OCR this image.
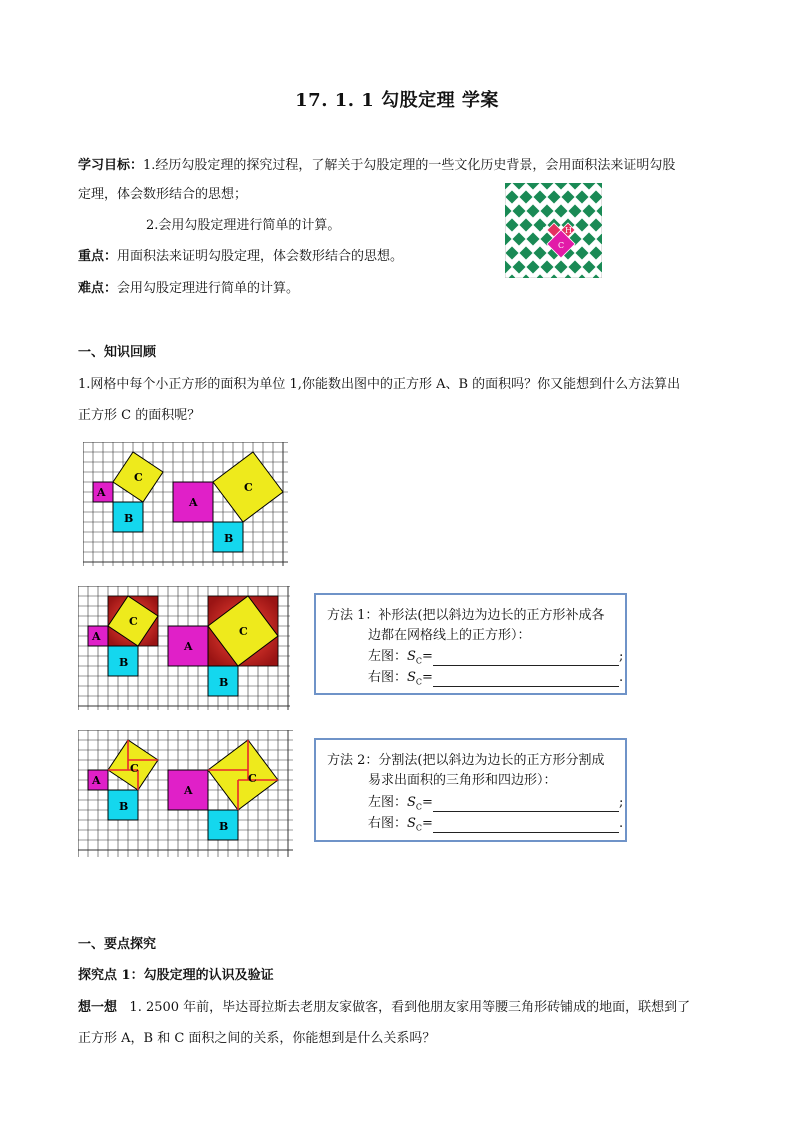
17. 1. 1 勾股定理 学案
学习目标：1.经历勾股定理的探究过程，了解关于勾股定理的一些文化历史背景，会用面积法来证明勾股
定理，体会数形结合的思想；
2.会用勾股定理进行简单的计算。
重点：用面积法来证明勾股定理，体会数形结合的思想。
难点：会用勾股定理进行简单的计算。
A H
C
一、知识回顾
1.网格中每个小正方形的面积为单位 1,你能数出图中的正方形 A、B 的面积吗？你又能想到什么方法算出
正方形 C 的面积呢？
A
B
C
A
B
C
A
B
C
A
B
C
方法 1：补形法(把以斜边为边长的正方形补成各
边都在网格线上的正方形）：
左图：$S_C=$	;
右图：$S_C=$	.
A
B
C
A
B
C
方法 2：分割法(把以斜边为边长的正方形分割成
易求出面积的三角形和四边形）：
左图：$S_C=$	;
右图：$S_C=$	.
一、要点探究
探究点 1：勾股定理的认识及验证
想一想 1. 2500 年前，毕达哥拉斯去老朋友家做客，看到他朋友家用等腰三角形砖铺成的地面，联想到了
正方形 A，B 和 C 面积之间的关系，你能想到是什么关系吗？
